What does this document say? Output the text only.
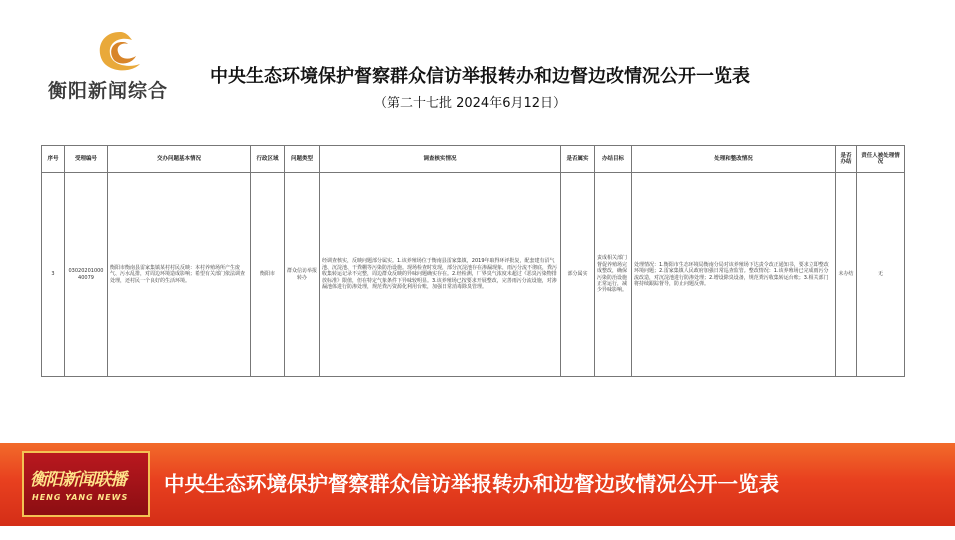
衡阳新闻综合
中央生态环境保护督察群众信访举报转办和边督边改情况公开一览表
（第二十七批 2024年6月12日）
序号	受理编号	交办问题基本情况	行政区域	问题类型	调查核实情况	是否属实	办结目标	处理和整改情况	是否办结	责任人被处理情况
3	0302020100040079	衡阳市衡南县雷家集镇某村村民反映：本村养殖场所产生废气、污水乱排，对周边环境造成影响；希望有关部门依法调查处理，还村民一个良好的生活环境。	衡阳市	群众信访举报转办	经调查核实，反映问题部分属实。1.该养殖场位于衡南县雷家集镇，2019年取得环评批复，配套建有沼气池、沉淀池、干粪棚等污染防治设施。现场检查时发现，部分沉淀池存在渗漏现象，雨污分流不彻底，粪污收集转运记录不完整，周边群众反映的异味问题确实存在。2.经检测，厂界臭气浓度未超过《恶臭污染物排放标准》限值，但在特定气象条件下异味较明显。3.该养殖场已按要求开展整改，完善雨污分流设施，对渗漏池体进行防渗处理，规范粪污资源化利用台账，加强日常消毒除臭管理。	部分属实	责成相关部门督促养殖场完成整改，确保污染防治设施正常运行，减少异味影响。	处理情况：1.衡阳市生态环境局衡南分局对该养殖场下达责令改正通知书，要求立即整改环境问题；2.雷家集镇人民政府加强日常巡查监管。整改情况：1.该养殖场已完成雨污分流改造，对沉淀池进行防渗处理；2.增设除臭设备，规范粪污收集转运台账；3.相关部门将持续跟踪督导，防止问题反弹。	未办结	无
衡阳新闻联播
HENG YANG NEWS
中央生态环境保护督察群众信访举报转办和边督边改情况公开一览表
